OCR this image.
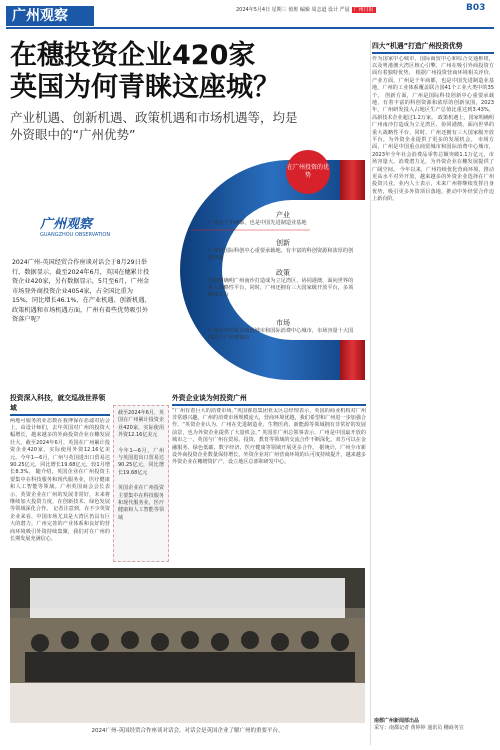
广州观察	2024年5月4日 星期三 值班 编辑 周志道 设计 严晨 广州日报	B03
在穗投资企业420家
英国为何青睐这座城？
产业机遇、创新机遇、政策机遇和市场机遇等，均是外资眼中的“广州优势”
在广州投资的优势
广州观察
GUANGZHOU OBSERVATION
2024广州-英国经贸合作座谈对话会于8月29日举行，数据显示，截至2024年6月，英国在穗累计投资企业420家，另有数据显示，5月至6月，广州金市场登外商投资企业4054家，占全国比重为15%，同比增长46.1%，在产业机遇、创新机遇、政策机遇和市场机遇方面，广州有着些优势吸引外资落户呢？
产业
广州是千年商都，也是中国先进制造业基地
创新
广州是国际科创中心重要承载地，有丰富的科创资源和浓厚的创新氛围
政策
国家明确明广州南沙打造成为立足湾区、协同港澳、面向世界的重大战略性平台，同时，广州还拥有三大国家级开放平台，多项制度出台
市场
广州是中国重点商贸城市和国际消费中心城市，市场容量十大国内的门户消费城市
投资深入科技，就交巡战世界领域
两地可服务的业态数在我博保在恶滤对话会上，由设计师们，去年英国对广州的投资大幅增长，越来越多的外商投资企业在穗发展壮大。截至2024年6月，英国在广州累计投资企业420家，实际使用外资12.16亿美元。今年1—6月，广州与英国进出口贸易达90.25亿元，同比增长19.68亿元，较1月增长8.3%。 随介绍，英国企业在广州投资主要集中在科技服务和现代服务业，医疗健康和人工智能等领域。广州英国商会会长表示，英资企业在广州的发展非常好，未来将继续加大投资力度，在创新技术、绿色发展等领域深化合作。 记者注意到，在不少英资企业来看，中国市场尤其是大湾区仍具有巨大的潜力，广州完善的产业体系和良好的营商环境吸引外资持续集聚，我们对在广州的长期发展充满信心。
截至2024年6月，英国在广州累计投资企业420家，实际使用外资12.16亿美元
今年1—6月，广州与英国进出口贸易达90.25亿元，同比增长19.68亿元
英国企业在广州投资主要集中在科技服务和现代服务业，医疗健康和人工智能等领域
外资企业谈为何投资广州
“广州有着巨大的消费市场。”英国睿恩集团亚太区总经理表示，英国的商业机构对广州非常感兴趣，广州的消费市场规模庞大，营商环境优越，我们希望和广州进一步加强合作。“英资企业认为，广州在先进制造业、生物医药、新能源等领域拥有非常好的发展前景，也为外资企业提供了大量机会。” 英国驻广州总领事表示，广州是中国最开放的城市之一，英国与广州在贸易、投资、教育等领域的交流合作不断深化。双方可以在金融服务、绿色低碳、数字经济、医疗健康等领域开展更多合作。 据统计，广州全市新设外商投资企业数量保持增长，外资企业对广州营商环境的认可度持续提升，越来越多外资企业在穗增资扩产，设立地区总部和研发中心。
2024广州-英国经贸合作座谈对话会，对话会是英国企业了解广州的重要平台。
四大“机遇”打造广州投资优势
作为国家中心城市，国际商贸中心和综合交通枢纽，以及粤港澳大湾区核心引擎，广州在吸引外商投资方面有着独特优势。 根据广州投资营商环境相关评价，产业方面，广州是千年商都，也是中国先进制造业基地，广州的工业体系覆盖联合国41个工业大类中的35个。 创新方面，广州是国际科技创新中心重要承载地，有着丰富的科创资源和浓厚的创新氛围，2023年，广州研发投入占地区生产总值比重达到3.43%，高新技术企业超过1.2万家。 政策机遇上，国家明确明广州南沙打造成为立足湾区、协同港澳、面向世界的重大战略性平台，同时，广州还拥有三大国家级开放平台，为外资企业提供了更多的发展机会。 市场方面，广州是中国重点商贸城市和国际消费中心城市，2023年全年社会消费品零售总额突破1.1万亿元，市场容量大，消费潜力足，为外资企业在穗发展提供了广阔空间。 今年以来，广州持续优化营商环境，推动更高水平对外开放，越来越多的外资企业选择在广州投资兴业。业内人士表示，未来广州将继续发挥自身优势，吸引更多外资项目落地，推动中外经贸合作迈上新台阶。
南都广州新闻部出品
采写：南都记者 黄婷婷 通讯员 穗商务宣
